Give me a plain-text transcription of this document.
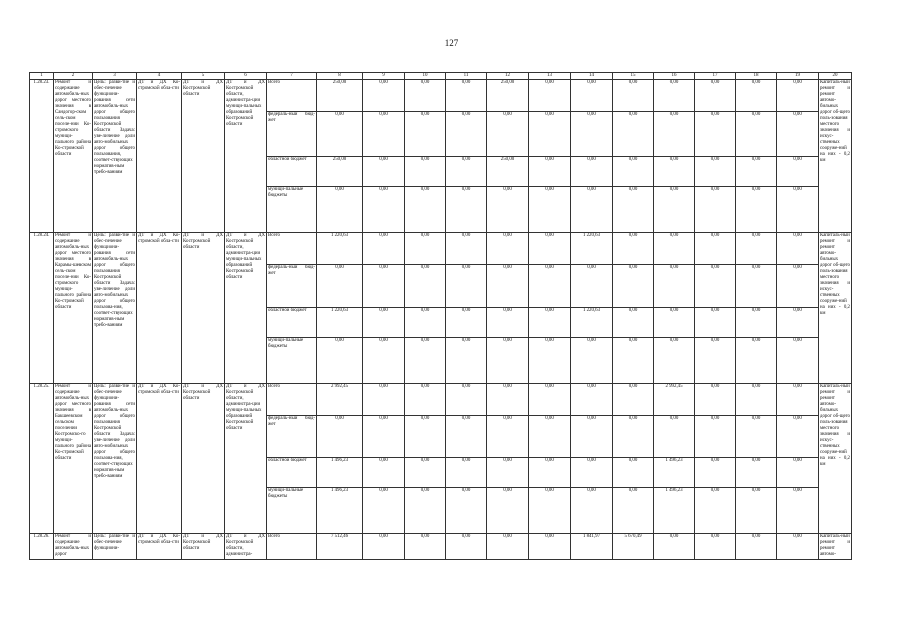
127
1	2	3	4	5	6	7	8	9	10	11	12	13	14	15	16	17	18	19	20
1.28.23.	Ремонт и содержание автомобиль-ных дорог местного значения в Сандогор-ском сель-ском поселе-нии Ко-стромского муници-пального района Ко-стромской области	Цель: разви-тие и обес-печение функциони-рования сети автомобиль-ных дорог общего пользования Костромской области Задача: уве-личение доли авто-мобильных дорог общего пользования, соответ-ствующих норматив-ным требо-ваниям	ДТ и ДХ Ко-стромской обла-сти	ДТ и ДХ Костромской области	ДТ и ДХ Костромской области, администра-ции муници-пальных образований Костромской области	Всего	250,00	0,00	0,00	0,00	250,00	0,00	0,00	0,00	0,00	0,00	0,00	0,00	Капиталь-ный ремонт и ремонт автомо-бильных дорог об-щего поль-зования местного значения и искус-ственных сооруже-ний на них - 0,2 км
						федераль-ный бюд-жет	0,00	0,00	0,00	0,00	0,00	0,00	0,00	0,00	0,00	0,00	0,00	0,00	
						областной бюджет	250,00	0,00	0,00	0,00	250,00	0,00	0,00	0,00	0,00	0,00	0,00	0,00	
						муници-пальные бюджеты	0,00	0,00	0,00	0,00	0,00	0,00	0,00	0,00	0,00	0,00	0,00	0,00	
1.28.24.	Ремонт и содержание автомобиль-ных дорог местного значения в Карамы-шевском сель-ском поселе-нии Ко-стромского муници-пального района Ко-стромской области	Цель: разви-тие и обес-печение функциони-рования сети автомобиль-ных дорог общего пользования Костромской области Задача: уве-личение доли авто-мобильных дорог общего пользова-ния, соответ-ствующих норматив-ным требо-ваниям	ДТ и ДХ Ко-стромской обла-сти	ДТ и ДХ Костромской области	ДТ и ДХ Костромской области, администра-ции муници-пальных образований Костромской области	Всего	1 220,63	0,00	0,00	0,00	0,00	0,00	1 220,63	0,00	0,00	0,00	0,00	0,00	Капиталь-ный ремонт и ремонт автомо-бильных дорог об-щего поль-зования местного значения и искус-ственных сооруже-ний на них - 0,2 км
						федераль-ный бюд-жет	0,00	0,00	0,00	0,00	0,00	0,00	0,00	0,00	0,00	0,00	0,00	0,00	
						областной бюджет	1 220,63	0,00	0,00	0,00	0,00	0,00	1 220,63	0,00	0,00	0,00	0,00	0,00	
						муници-пальные бюджеты	0,00	0,00	0,00	0,00	0,00	0,00	0,00	0,00	0,00	0,00	0,00	0,00	
1.28.25.	Ремонт и содержание автомобиль-ных дорог местного значения в Бакшеевском сельском поселении Костромско-го муници-пального района Ко-стромской области	Цель: разви-тие и обес-печение функциони-рования сети автомобиль-ных дорог общего пользования Костромской области Задача: уве-личение доли авто-мобильных дорог общего пользова-ния, соответ-ствующих норматив-ным требо-ваниям	ДТ и ДХ Ко-стромской обла-сти	ДТ и ДХ Костромской области	ДТ и ДХ Костромской области, администра-ции муници-пальных образований Костромской области	Всего	2 992,45	0,00	0,00	0,00	0,00	0,00	0,00	0,00	2 992,45	0,00	0,00	0,00	Капиталь-ный ремонт и ремонт автомо-бильных дорог об-щего поль-зования местного значения и искус-ственных сооруже-ний на них - 0,2 км
						федераль-ный бюд-жет	0,00	0,00	0,00	0,00	0,00	0,00	0,00	0,00	0,00	0,00	0,00	0,00	
						областной бюджет	1 496,23	0,00	0,00	0,00	0,00	0,00	0,00	0,00	1 496,23	0,00	0,00	0,00	
						муници-пальные бюджеты	1 496,23	0,00	0,00	0,00	0,00	0,00	0,00	0,00	1 496,23	0,00	0,00	0,00	
1.28.26.	Ремонт и содержание автомобиль-ных дорог	Цель: разви-тие и обес-печение функциони-	ДТ и ДХ Ко-стромской обла-сти	ДТ и ДХ Костромской области	ДТ и ДХ Костромской области, администра-	Всего	7 512,46	0,00	0,00	0,00	0,00	0,00	1 841,97	5 670,49	0,00	0,00	0,00	0,00	Капиталь-ный ремонт и ремонт автомо-
